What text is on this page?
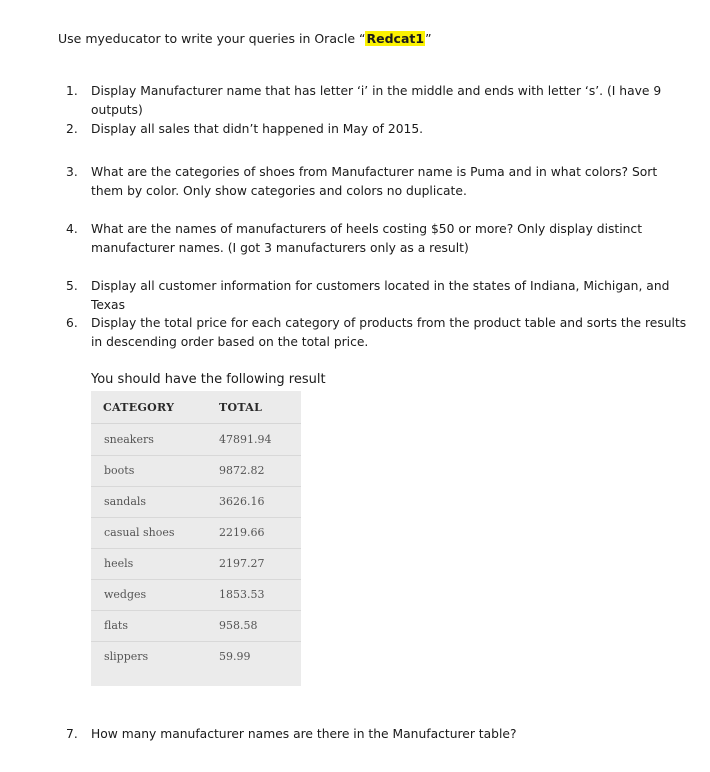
Use myeducator to write your queries in Oracle “Redcat1”
1. Display Manufacturer name that has letter ‘i’ in the middle and ends with letter ‘s’. (I have 9 outputs)
2. Display all sales that didn’t happened in May of 2015.
3. What are the categories of shoes from Manufacturer name is Puma and in what colors? Sort them by color. Only show categories and colors no duplicate.
4. What are the names of manufacturers of heels costing $50 or more? Only display distinct manufacturer names. (I got 3 manufacturers only as a result)
5. Display all customer information for customers located in the states of Indiana, Michigan, and Texas
6. Display the total price for each category of products from the product table and sorts the results in descending order based on the total price.
You should have the following result
CATEGORY	TOTAL
sneakers	47891.94
boots	9872.82
sandals	3626.16
casual shoes	2219.66
heels	2197.27
wedges	1853.53
flats	958.58
slippers	59.99
7. How many manufacturer names are there in the Manufacturer table?
